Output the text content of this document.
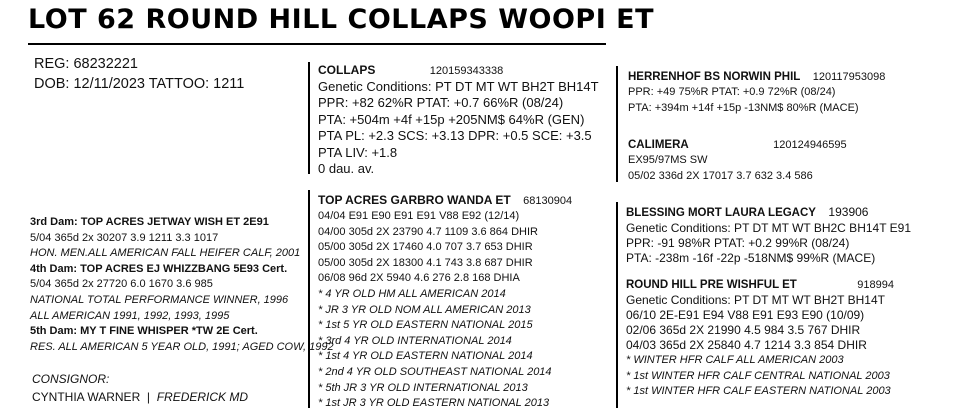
LOT 62 ROUND HILL COLLAPS WOOPI ET
REG: 68232221
DOB: 12/11/2023 TATTOO: 1211
COLLAPS	120159343338
Genetic Conditions: PT DT MT WT BH2T BH14T
PPR: +82 62%R PTAT: +0.7 66%R (08/24)
PTA: +504m +4f +15p +205NM$ 64%R (GEN)
PTA PL: +2.3 SCS: +3.13 DPR: +0.5 SCE: +3.5
PTA LIV: +1.8
0 dau. av.
TOP ACRES GARBRO WANDA ET 68130904
04/04 E91 E90 E91 E91 V88 E92 (12/14)
04/00 305d 2X 23790 4.7 1109 3.6 864 DHIR
05/00 305d 2X 17460 4.0 707 3.7 653 DHIR
05/00 305d 2X 18300 4.1 743 3.8 687 DHIR
06/08 96d 2X 5940 4.6 276 2.8 168 DHIA
* 4 YR OLD HM ALL AMERICAN 2014
* JR 3 YR OLD NOM ALL AMERICAN 2013
* 1st 5 YR OLD EASTERN NATIONAL 2015
* 3rd 4 YR OLD INTERNATIONAL 2014
* 1st 4 YR OLD EASTERN NATIONAL 2014
* 2nd 4 YR OLD SOUTHEAST NATIONAL 2014
* 5th JR 3 YR OLD INTERNATIONAL 2013
* 1st JR 3 YR OLD EASTERN NATIONAL 2013
3rd Dam: TOP ACRES JETWAY WISH ET 2E91
5/04 365d 2x 30207 3.9 1211 3.3 1017
HON. MEN.ALL AMERICAN FALL HEIFER CALF, 2001
4th Dam: TOP ACRES EJ WHIZZBANG 5E93 Cert.
5/04 365d 2x 27720 6.0 1670 3.6 985
NATIONAL TOTAL PERFORMANCE WINNER, 1996
ALL AMERICAN 1991, 1992, 1993, 1995
5th Dam: MY T FINE WHISPER *TW 2E Cert.
RES. ALL AMERICAN 5 YEAR OLD, 1991; AGED COW, 1992
CONSIGNOR:
CYNTHIA WARNER  |  FREDERICK MD
HERRENHOF BS NORWIN PHIL 120117953098
PPR: +49 75%R PTAT: +0.9 72%R (08/24)
PTA: +394m +14f +15p -13NM$ 80%R (MACE)
CALIMERA	120124946595
EX95/97MS SW
05/02 336d 2X 17017 3.7 632 3.4 586
BLESSING MORT LAURA LEGACY 193906
Genetic Conditions: PT DT MT WT BH2C BH14T E91
PPR: -91 98%R PTAT: +0.2 99%R (08/24)
PTA: -238m -16f -22p -518NM$ 99%R (MACE)
ROUND HILL PRE WISHFUL ET	918994
Genetic Conditions: PT DT MT WT BH2T BH14T
06/10 2E-E91 E94 V88 E91 E93 E90 (10/09)
02/06 365d 2X 21990 4.5 984 3.5 767 DHIR
04/03 365d 2X 25840 4.7 1214 3.3 854 DHIR
* WINTER HFR CALF ALL AMERICAN 2003
* 1st WINTER HFR CALF CENTRAL NATIONAL 2003
* 1st WINTER HFR CALF EASTERN NATIONAL 2003
